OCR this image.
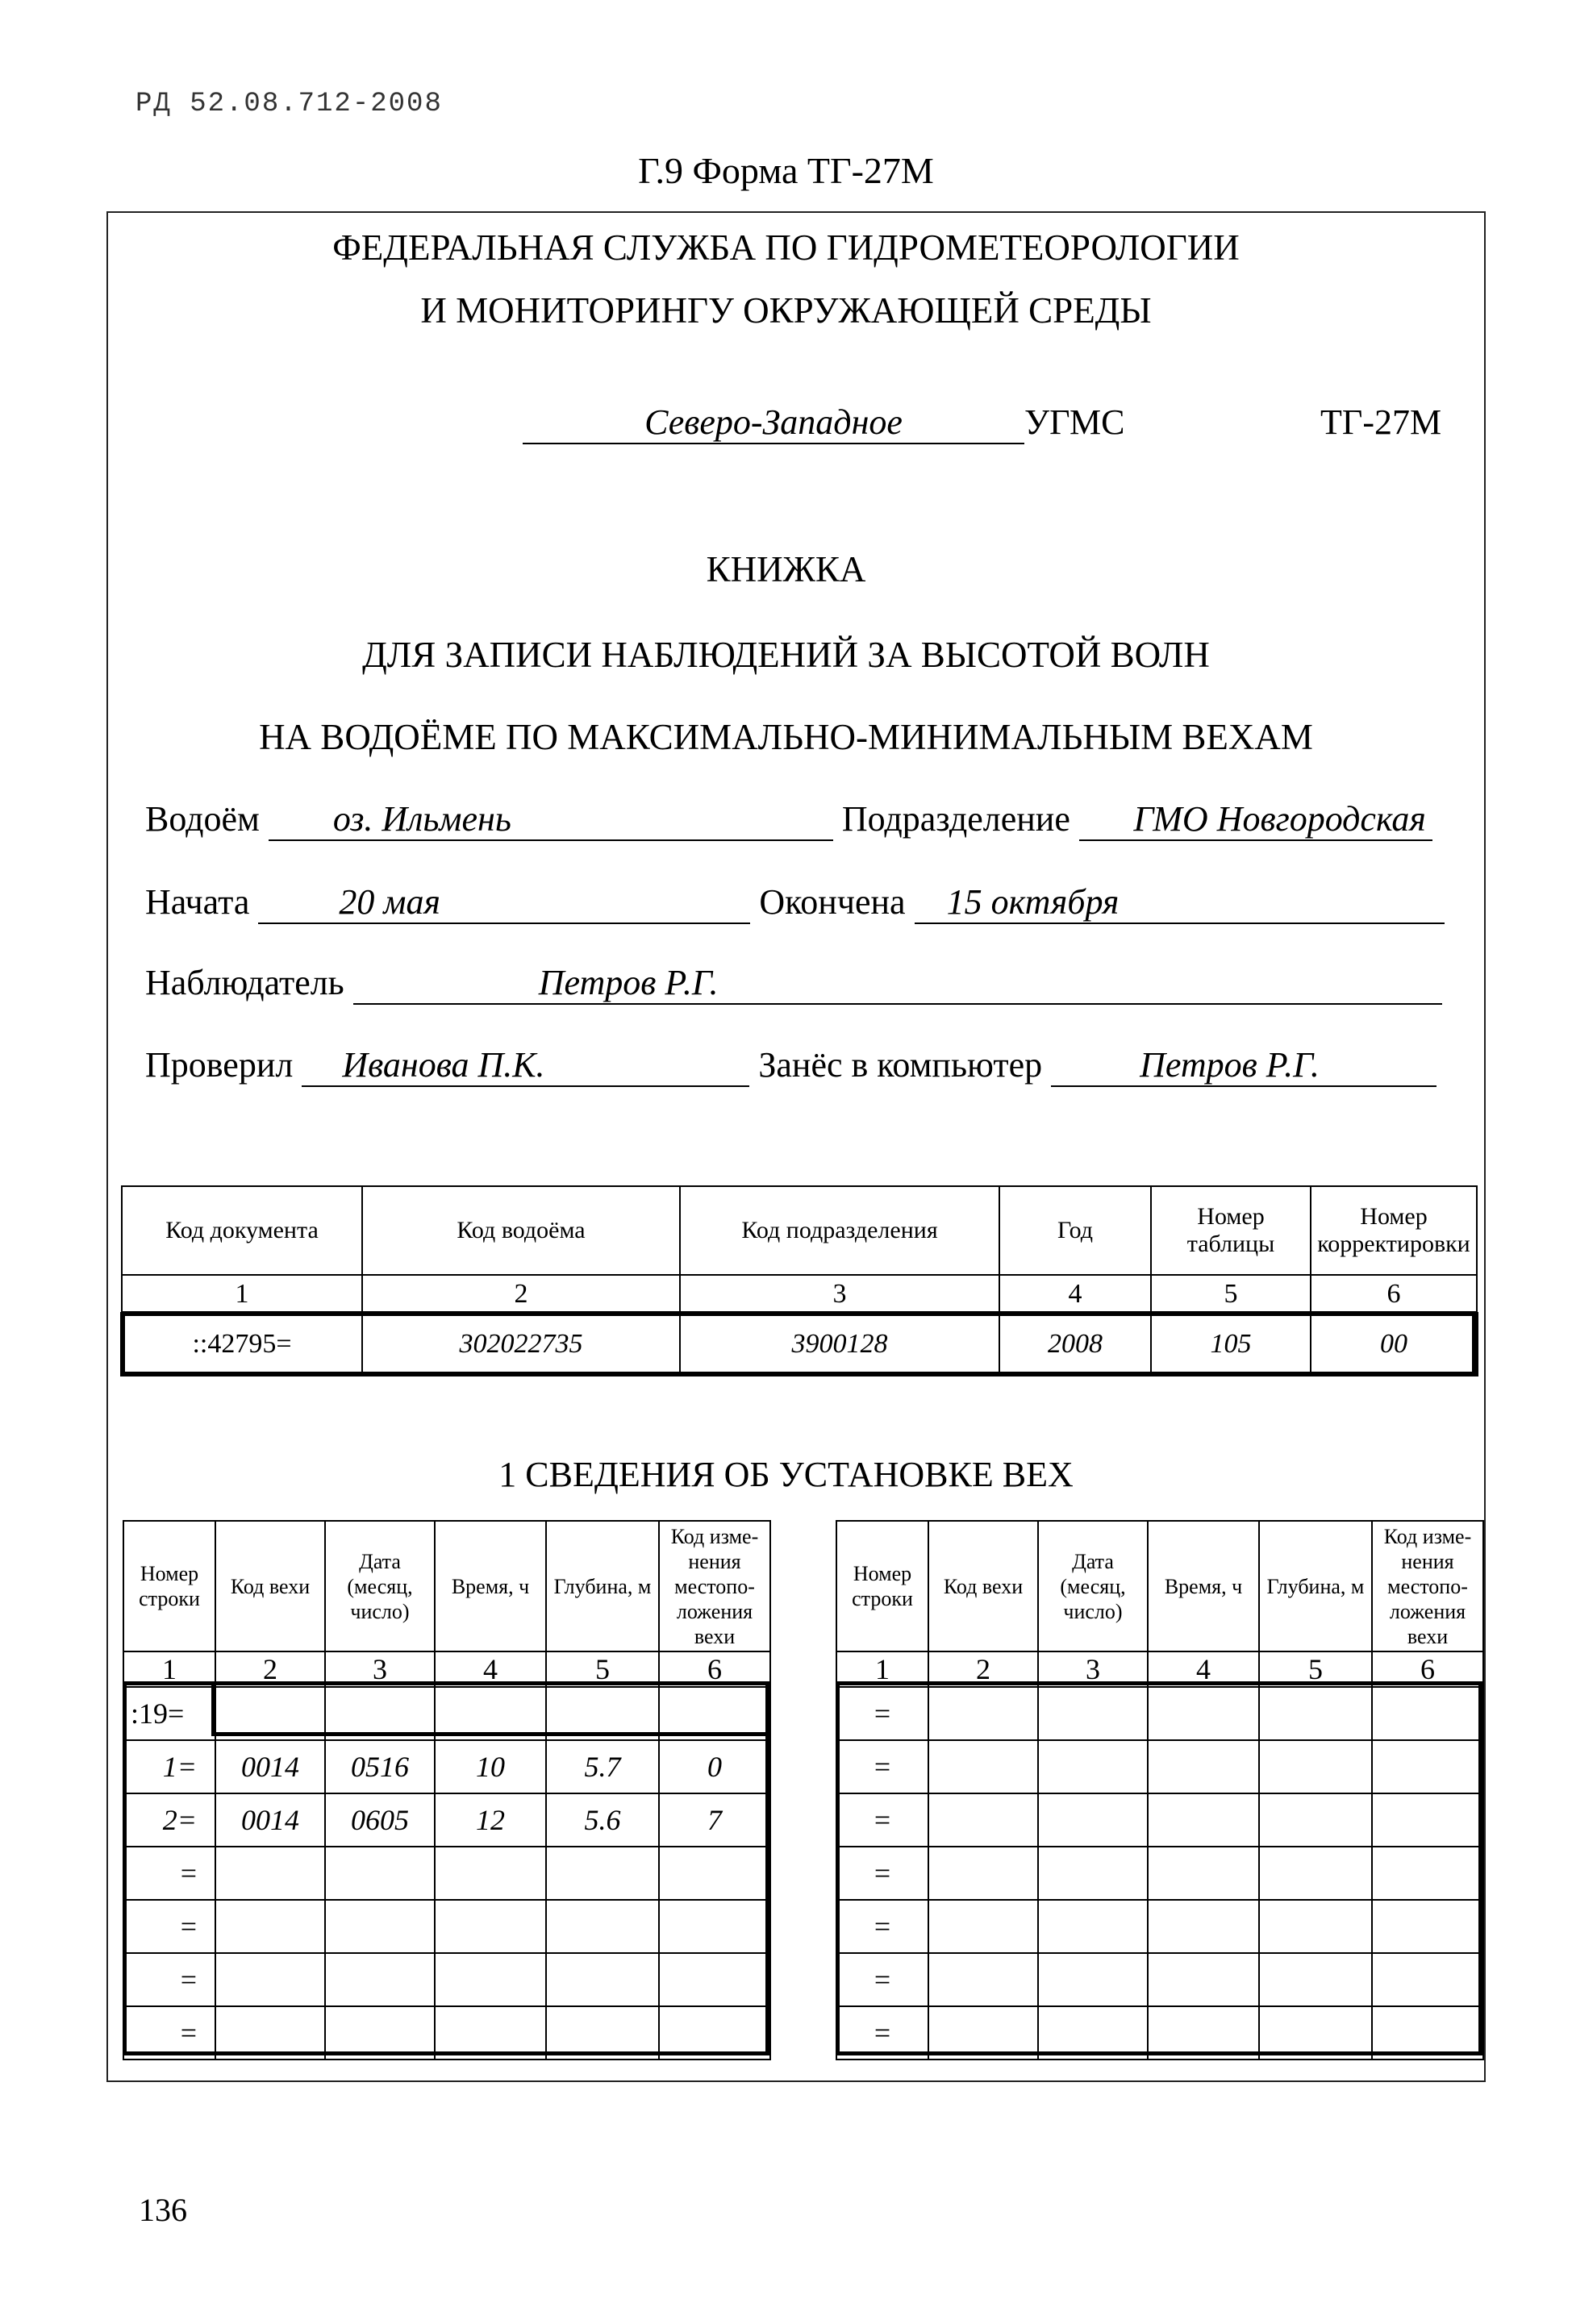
РД 52.08.712-2008
Г.9 Форма ТГ-27М
ФЕДЕРАЛЬНАЯ СЛУЖБА ПО ГИДРОМЕТЕОРОЛОГИИ
И МОНИТОРИНГУ ОКРУЖАЮЩЕЙ СРЕДЫ
Северо-Западное	УГМС	ТГ-27М
КНИЖКА
ДЛЯ ЗАПИСИ НАБЛЮДЕНИЙ ЗА ВЫСОТОЙ ВОЛН
НА ВОДОЁМЕ ПО МАКСИМАЛЬНО-МИНИМАЛЬНЫМ ВЕХАМ
Водоём оз. Ильмень	Подразделение ГМО Новгородская
Начата	20 мая	Окончена 15 октября
Наблюдатель	Петров Р.Г.
Проверил Иванова П.К.	Занёс в компьютер	Петров Р.Г.
Код документа	Код водоёма	Код подразделения	Год	Номер таблицы	Номер корректировки
1	2	3	4	5	6
::42795=	302022735	3900128	2008	105	00
1 СВЕДЕНИЯ ОБ УСТАНОВКЕ ВЕХ
Номер строки	Код вехи	Дата (месяц, число)	Время, ч	Глубина, м	Код изме- нения местопо- ложения вехи
1	2	3	4	5	6
:19=					
1=	0014	0516	10	5.7	0
2=	0014	0605	12	5.6	7
=					
=					
=					
=					
Номер строки	Код вехи	Дата (месяц, число)	Время, ч	Глубина, м	Код изме- нения местопо- ложения вехи
1	2	3	4	5	6
=					
=					
=					
=					
=					
=					
=					
136
